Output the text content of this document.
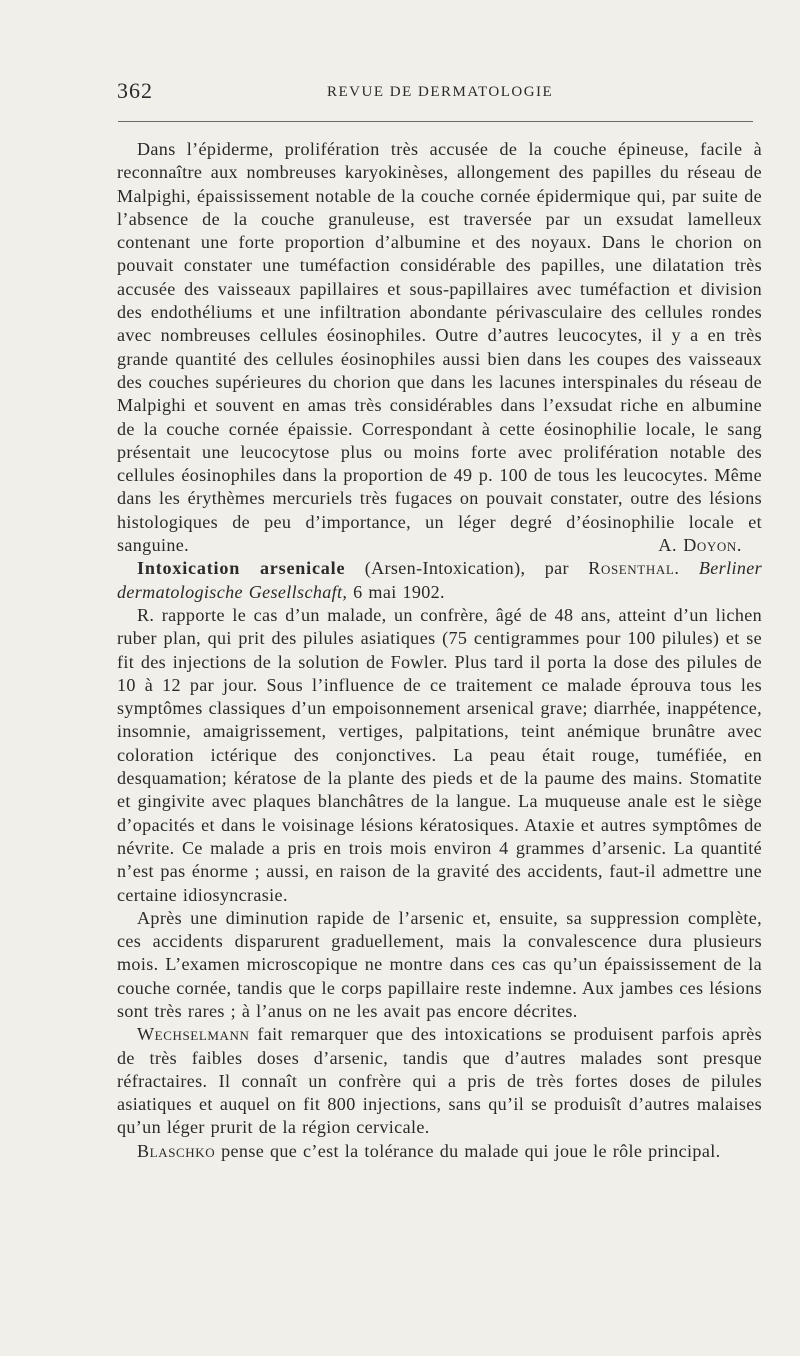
362	REVUE DE DERMATOLOGIE

Dans l’épiderme, prolifération très accusée de la couche épineuse, facile à reconnaître aux nombreuses karyokinèses, allongement des papilles du réseau de Malpighi, épaississement notable de la couche cornée épidermique qui, par suite de l’absence de la couche granuleuse, est traversée par un exsudat lamelleux contenant une forte proportion d’albumine et des noyaux. Dans le chorion on pouvait constater une tuméfaction considérable des papilles, une dilatation très accusée des vaisseaux papillaires et sous-papillaires avec tuméfaction et division des endothéliums et une infiltration abondante périvasculaire des cellules rondes avec nombreuses cellules éosinophiles. Outre d’autres leucocytes, il y a en très grande quantité des cellules éosinophiles aussi bien dans les coupes des vaisseaux des couches supérieures du chorion que dans les lacunes interspinales du réseau de Malpighi et souvent en amas très considérables dans l’exsudat riche en albumine de la couche cornée épaissie. Correspondant à cette éosinophilie locale, le sang présentait une leucocytose plus ou moins forte avec prolifération notable des cellules éosinophiles dans la proportion de 49 p. 100 de tous les leucocytes. Même dans les érythèmes mercuriels très fugaces on pouvait constater, outre des lésions histologiques de peu d’importance, un léger degré d’éosinophilie locale et sanguine.	A. Doyon.

Intoxication arsenicale (Arsen-Intoxication), par Rosenthal. Berliner dermatologische Gesellschaft, 6 mai 1902.

R. rapporte le cas d’un malade, un confrère, âgé de 48 ans, atteint d’un lichen ruber plan, qui prit des pilules asiatiques (75 centigrammes pour 100 pilules) et se fit des injections de la solution de Fowler. Plus tard il porta la dose des pilules de 10 à 12 par jour. Sous l’influence de ce traitement ce malade éprouva tous les symptômes classiques d’un empoisonnement arsenical grave; diarrhée, inappétence, insomnie, amaigrissement, vertiges, palpitations, teint anémique brunâtre avec coloration ictérique des conjonctives. La peau était rouge, tuméfiée, en desquamation; kératose de la plante des pieds et de la paume des mains. Stomatite et gingivite avec plaques blanchâtres de la langue. La muqueuse anale est le siège d’opacités et dans le voisinage lésions kératosiques. Ataxie et autres symptômes de névrite. Ce malade a pris en trois mois environ 4 grammes d’arsenic. La quantité n’est pas énorme ; aussi, en raison de la gravité des accidents, faut-il admettre une certaine idiosyncrasie.

Après une diminution rapide de l’arsenic et, ensuite, sa suppression complète, ces accidents disparurent graduellement, mais la convalescence dura plusieurs mois. L’examen microscopique ne montre dans ces cas qu’un épaississement de la couche cornée, tandis que le corps papillaire reste indemne. Aux jambes ces lésions sont très rares ; à l’anus on ne les avait pas encore décrites.

Wechselmann fait remarquer que des intoxications se produisent parfois après de très faibles doses d’arsenic, tandis que d’autres malades sont presque réfractaires. Il connaît un confrère qui a pris de très fortes doses de pilules asiatiques et auquel on fit 800 injections, sans qu’il se produisît d’autres malaises qu’un léger prurit de la région cervicale.

Blaschko pense que c’est la tolérance du malade qui joue le rôle principal.
